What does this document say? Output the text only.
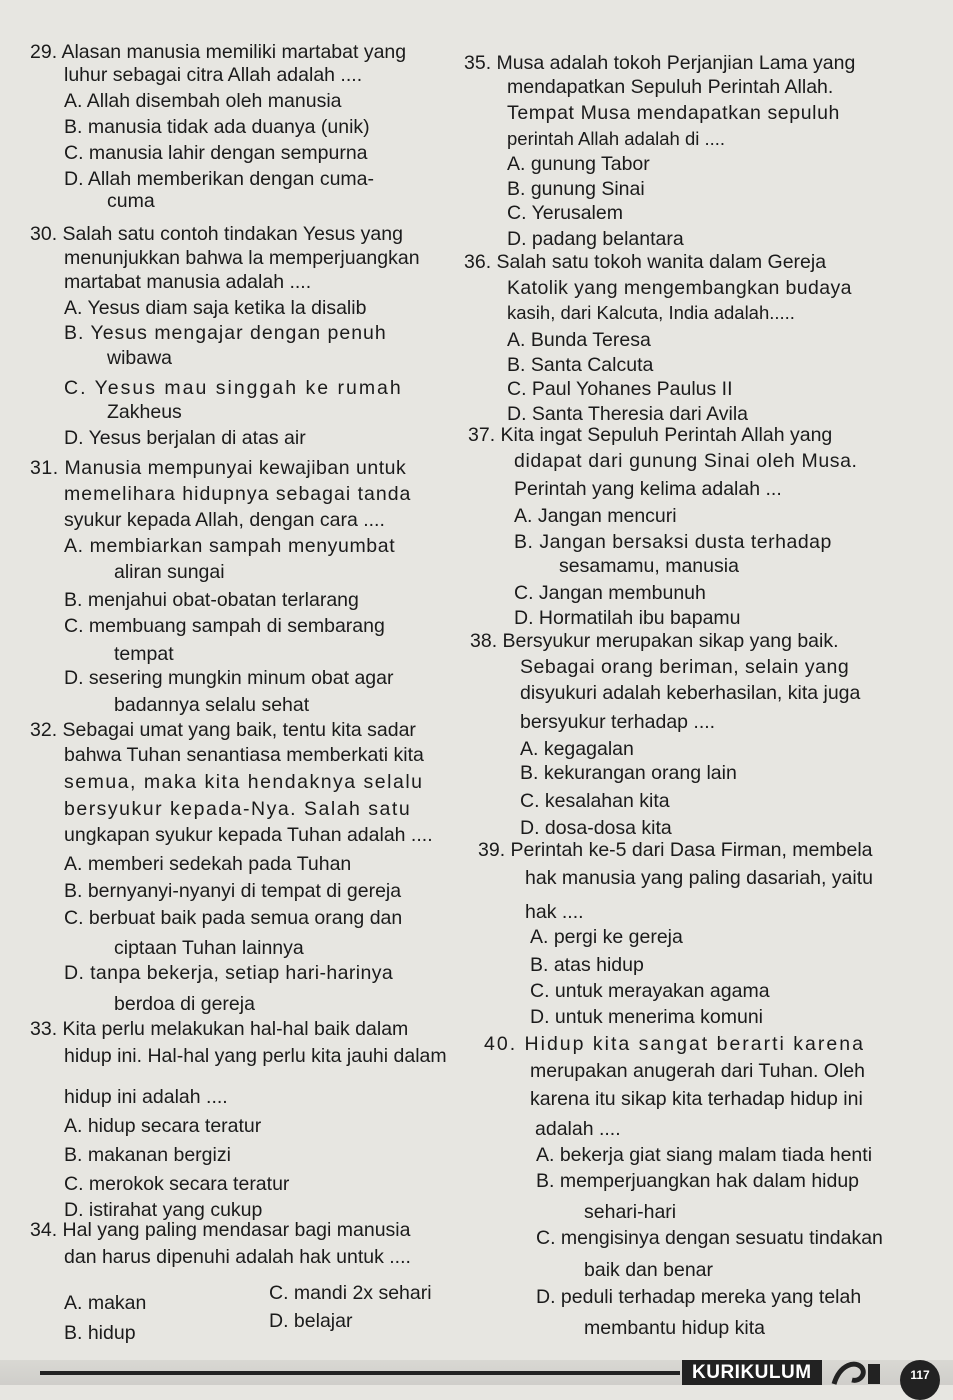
29. Alasan manusia memiliki martabat yang
luhur sebagai citra Allah adalah ....
A. Allah disembah oleh manusia
B. manusia tidak ada duanya (unik)
C. manusia lahir dengan sempurna
D. Allah memberikan dengan cuma-
cuma
30. Salah satu contoh tindakan Yesus yang
menunjukkan bahwa la memperjuangkan
martabat manusia adalah ....
A. Yesus diam saja ketika la disalib
B. Yesus mengajar dengan penuh
wibawa
C. Yesus mau singgah ke rumah
Zakheus
D. Yesus berjalan di atas air
31. Manusia mempunyai kewajiban untuk
memelihara hidupnya sebagai tanda
syukur kepada Allah, dengan cara ....
A. membiarkan sampah menyumbat
aliran sungai
B. menjahui obat-obatan terlarang
C. membuang sampah di sembarang
tempat
D. sesering mungkin minum obat agar
badannya selalu sehat
32. Sebagai umat yang baik, tentu kita sadar
bahwa Tuhan senantiasa memberkati kita
semua, maka kita hendaknya selalu
bersyukur kepada-Nya. Salah satu
ungkapan syukur kepada Tuhan adalah ....
A. memberi sedekah pada Tuhan
B. bernyanyi-nyanyi di tempat di gereja
C. berbuat baik pada semua orang dan
ciptaan Tuhan lainnya
D. tanpa bekerja, setiap hari-harinya
berdoa di gereja
33. Kita perlu melakukan hal-hal baik dalam
hidup ini. Hal-hal yang perlu kita jauhi dalam
hidup ini adalah ....
A. hidup secara teratur
B. makanan bergizi
C. merokok secara teratur
D. istirahat yang cukup
34. Hal yang paling mendasar bagi manusia
dan harus dipenuhi adalah hak untuk ....
A. makan	C. mandi 2x sehari
B. hidup
D. belajar
35. Musa adalah tokoh Perjanjian Lama yang
mendapatkan Sepuluh Perintah Allah.
Tempat Musa mendapatkan sepuluh
perintah Allah adalah di ....
A. gunung Tabor
B. gunung Sinai
C. Yerusalem
D. padang belantara
36. Salah satu tokoh wanita dalam Gereja
Katolik yang mengembangkan budaya
kasih, dari Kalcuta, India adalah.....
A. Bunda Teresa
B. Santa Calcuta
C. Paul Yohanes Paulus II
D. Santa Theresia dari Avila
37. Kita ingat Sepuluh Perintah Allah yang
didapat dari gunung Sinai oleh Musa.
Perintah yang kelima adalah ...
A. Jangan mencuri
B. Jangan bersaksi dusta terhadap
sesamamu, manusia
C. Jangan membunuh
D. Hormatilah ibu bapamu
38. Bersyukur merupakan sikap yang baik.
Sebagai orang beriman, selain yang
disyukuri adalah keberhasilan, kita juga
bersyukur terhadap ....
A. kegagalan
B. kekurangan orang lain
C. kesalahan kita
D. dosa-dosa kita
39. Perintah ke-5 dari Dasa Firman, membela
hak manusia yang paling dasariah, yaitu
hak ....
A. pergi ke gereja
B. atas hidup
C. untuk merayakan agama
D. untuk menerima komuni
40. Hidup kita sangat berarti karena
merupakan anugerah dari Tuhan. Oleh
karena itu sikap kita terhadap hidup ini
adalah ....
A. bekerja giat siang malam tiada henti
B. memperjuangkan hak dalam hidup
sehari-hari
C. mengisinya dengan sesuatu tindakan
baik dan benar
D. peduli terhadap mereka yang telah
membantu hidup kita
KURIKULUM	117
